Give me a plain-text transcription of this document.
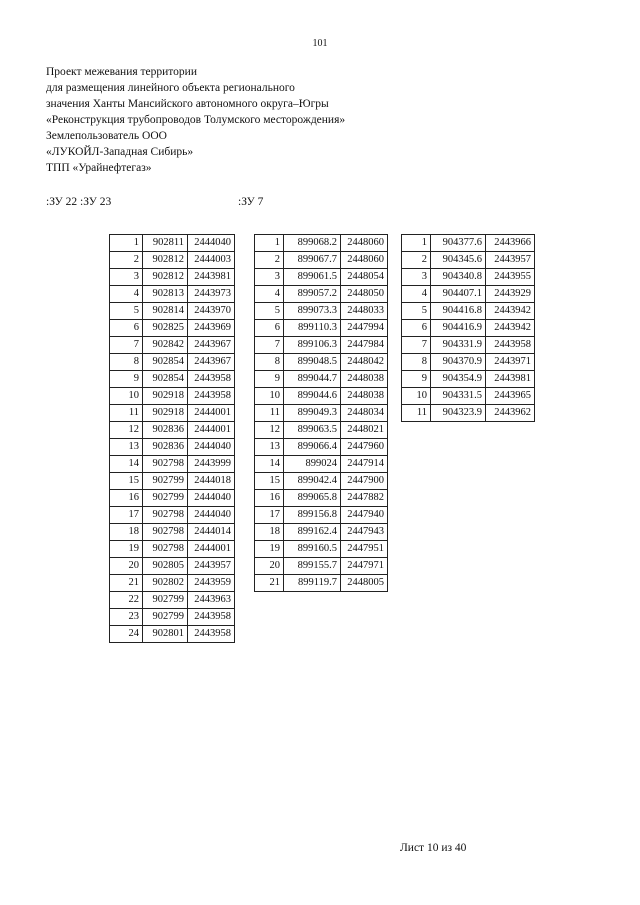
101
Проект межевания территории
для размещения линейного объекта регионального
значения Ханты Мансийского автономного округа–Югры
«Реконструкция трубопроводов Толумского месторождения»
Землепользователь ООО
«ЛУКОЙЛ-Западная Сибирь»
ТПП «Урайнефтегаз»
:ЗУ 22 :ЗУ 23	:ЗУ 7
1	902811	2444040
2	902812	2444003
3	902812	2443981
4	902813	2443973
5	902814	2443970
6	902825	2443969
7	902842	2443967
8	902854	2443967
9	902854	2443958
10	902918	2443958
11	902918	2444001
12	902836	2444001
13	902836	2444040
14	902798	2443999
15	902799	2444018
16	902799	2444040
17	902798	2444040
18	902798	2444014
19	902798	2444001
20	902805	2443957
21	902802	2443959
22	902799	2443963
23	902799	2443958
24	902801	2443958
1	899068.2	2448060
2	899067.7	2448060
3	899061.5	2448054
4	899057.2	2448050
5	899073.3	2448033
6	899110.3	2447994
7	899106.3	2447984
8	899048.5	2448042
9	899044.7	2448038
10	899044.6	2448038
11	899049.3	2448034
12	899063.5	2448021
13	899066.4	2447960
14	899024	2447914
15	899042.4	2447900
16	899065.8	2447882
17	899156.8	2447940
18	899162.4	2447943
19	899160.5	2447951
20	899155.7	2447971
21	899119.7	2448005
1	904377.6	2443966
2	904345.6	2443957
3	904340.8	2443955
4	904407.1	2443929
5	904416.8	2443942
6	904416.9	2443942
7	904331.9	2443958
8	904370.9	2443971
9	904354.9	2443981
10	904331.5	2443965
11	904323.9	2443962
Лист 10 из 40
